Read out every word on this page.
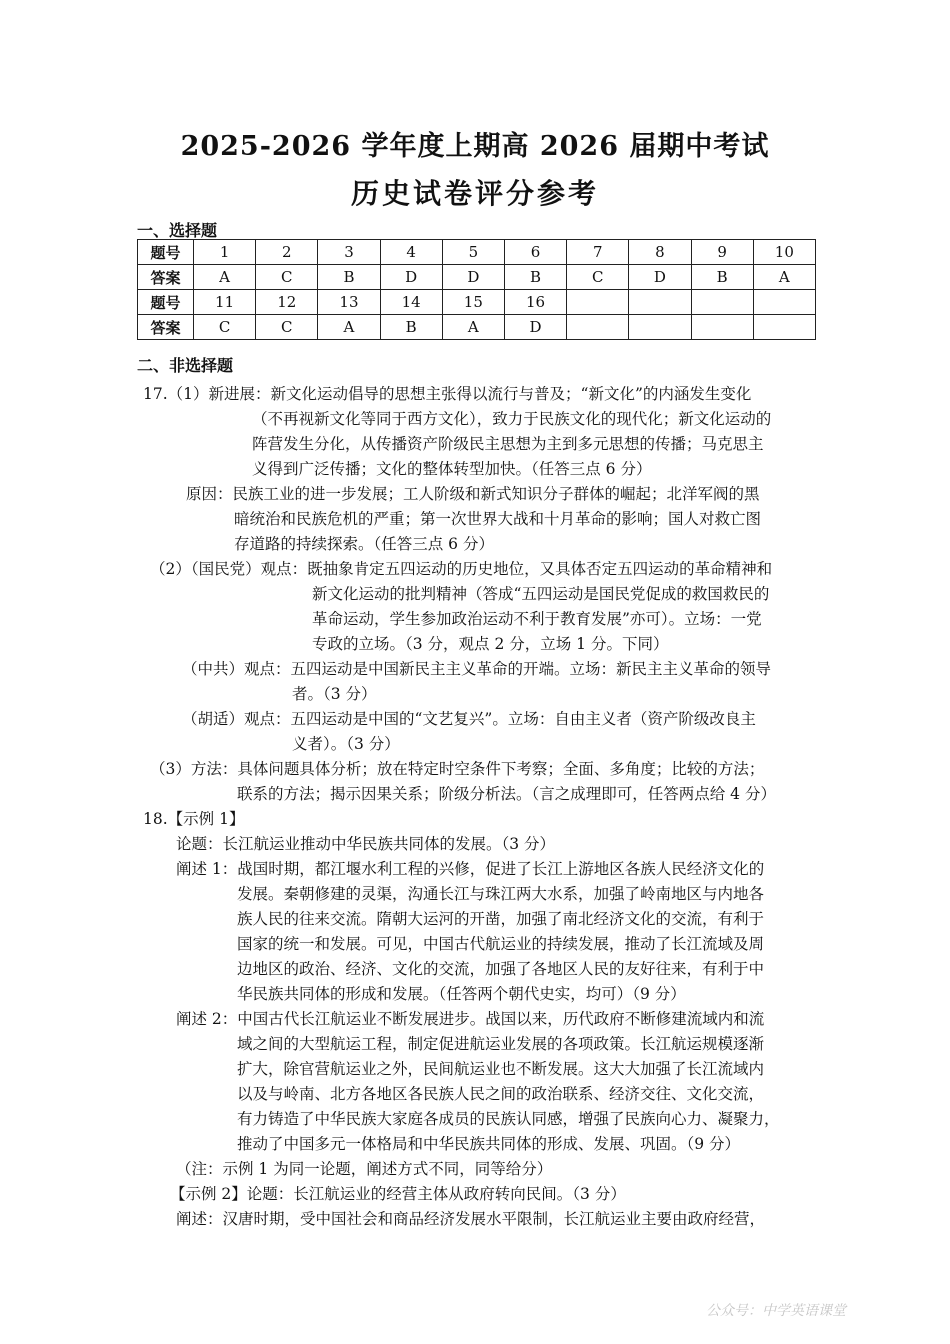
2025-2026 学年度上期高 2026 届期中考试
历史试卷评分参考
一、选择题
题号	1	2	3	4	5	6	7	8	9	10
答案	A	C	B	D	D	B	C	D	B	A
题号	11	12	13	14	15	16				
答案	C	C	A	B	A	D				
二、非选择题
17.（1）新进展：新文化运动倡导的思想主张得以流行与普及；“新文化”的内涵发生变化
（不再视新文化等同于西方文化），致力于民族文化的现代化；新文化运动的
阵营发生分化，从传播资产阶级民主思想为主到多元思想的传播；马克思主
义得到广泛传播；文化的整体转型加快。（任答三点 6 分）
原因：民族工业的进一步发展；工人阶级和新式知识分子群体的崛起；北洋军阀的黑
暗统治和民族危机的严重；第一次世界大战和十月革命的影响；国人对救亡图
存道路的持续探索。（任答三点 6 分）
（2）（国民党）观点：既抽象肯定五四运动的历史地位，又具体否定五四运动的革命精神和
新文化运动的批判精神（答成“五四运动是国民党促成的救国救民的
革命运动，学生参加政治运动不利于教育发展”亦可）。立场：一党
专政的立场。（3 分，观点 2 分，立场 1 分。下同）
（中共）观点：五四运动是中国新民主主义革命的开端。立场：新民主主义革命的领导
者。（3 分）
（胡适）观点：五四运动是中国的“文艺复兴”。立场：自由主义者（资产阶级改良主
义者）。（3 分）
（3）方法：具体问题具体分析；放在特定时空条件下考察；全面、多角度；比较的方法；
联系的方法；揭示因果关系；阶级分析法。（言之成理即可，任答两点给 4 分）
18.【示例 1】
论题：长江航运业推动中华民族共同体的发展。（3 分）
阐述 1：战国时期，都江堰水利工程的兴修，促进了长江上游地区各族人民经济文化的
发展。秦朝修建的灵渠，沟通长江与珠江两大水系，加强了岭南地区与内地各
族人民的往来交流。隋朝大运河的开凿，加强了南北经济文化的交流，有利于
国家的统一和发展。可见，中国古代航运业的持续发展，推动了长江流域及周
边地区的政治、经济、文化的交流，加强了各地区人民的友好往来，有利于中
华民族共同体的形成和发展。（任答两个朝代史实，均可）（9 分）
阐述 2：中国古代长江航运业不断发展进步。战国以来，历代政府不断修建流域内和流
域之间的大型航运工程，制定促进航运业发展的各项政策。长江航运规模逐渐
扩大，除官营航运业之外，民间航运业也不断发展。这大大加强了长江流域内
以及与岭南、北方各地区各民族人民之间的政治联系、经济交往、文化交流，
有力铸造了中华民族大家庭各成员的民族认同感，增强了民族向心力、凝聚力，
推动了中国多元一体格局和中华民族共同体的形成、发展、巩固。（9 分）
（注：示例 1 为同一论题，阐述方式不同，同等给分）
【示例 2】论题：长江航运业的经营主体从政府转向民间。（3 分）
阐述：汉唐时期，受中国社会和商品经济发展水平限制，长江航运业主要由政府经营，
公众号：中学英语课堂
